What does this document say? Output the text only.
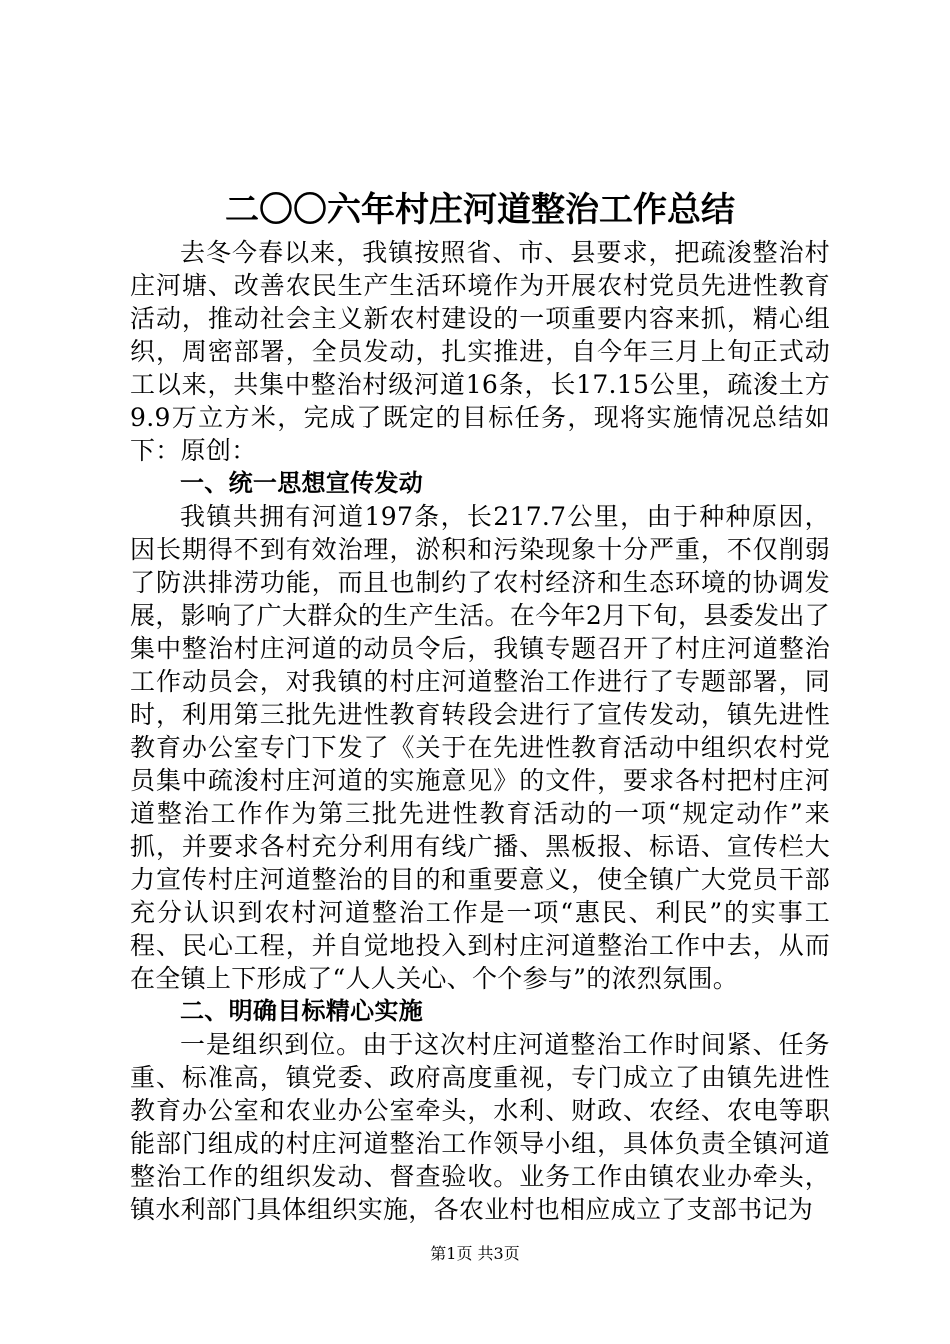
二〇〇六年村庄河道整治工作总结

去冬今春以来，我镇按照省、市、县要求，把疏浚整治村庄河塘、改善农民生产生活环境作为开展农村党员先进性教育活动，推动社会主义新农村建设的一项重要内容来抓，精心组织，周密部署，全员发动，扎实推进，自今年三月上旬正式动工以来，共集中整治村级河道16条，长17.15公里，疏浚土方9.9万立方米，完成了既定的目标任务，现将实施情况总结如下：原创：

一、统一思想宣传发动

我镇共拥有河道197条，长217.7公里，由于种种原因，因长期得不到有效治理，淤积和污染现象十分严重，不仅削弱了防洪排涝功能，而且也制约了农村经济和生态环境的协调发展，影响了广大群众的生产生活。在今年2月下旬，县委发出了集中整治村庄河道的动员令后，我镇专题召开了村庄河道整治工作动员会，对我镇的村庄河道整治工作进行了专题部署，同时，利用第三批先进性教育转段会进行了宣传发动，镇先进性教育办公室专门下发了《关于在先进性教育活动中组织农村党员集中疏浚村庄河道的实施意见》的文件，要求各村把村庄河道整治工作作为第三批先进性教育活动的一项“规定动作”来抓，并要求各村充分利用有线广播、黑板报、标语、宣传栏大力宣传村庄河道整治的目的和重要意义，使全镇广大党员干部充分认识到农村河道整治工作是一项“惠民、利民”的实事工程、民心工程，并自觉地投入到村庄河道整治工作中去，从而在全镇上下形成了“人人关心、个个参与”的浓烈氛围。

二、明确目标精心实施

一是组织到位。由于这次村庄河道整治工作时间紧、任务重、标准高，镇党委、政府高度重视，专门成立了由镇先进性教育办公室和农业办公室牵头，水利、财政、农经、农电等职能部门组成的村庄河道整治工作领导小组，具体负责全镇河道整治工作的组织发动、督查验收。业务工作由镇农业办牵头，镇水利部门具体组织实施，各农业村也相应成立了支部书记为

第1页 共3页
